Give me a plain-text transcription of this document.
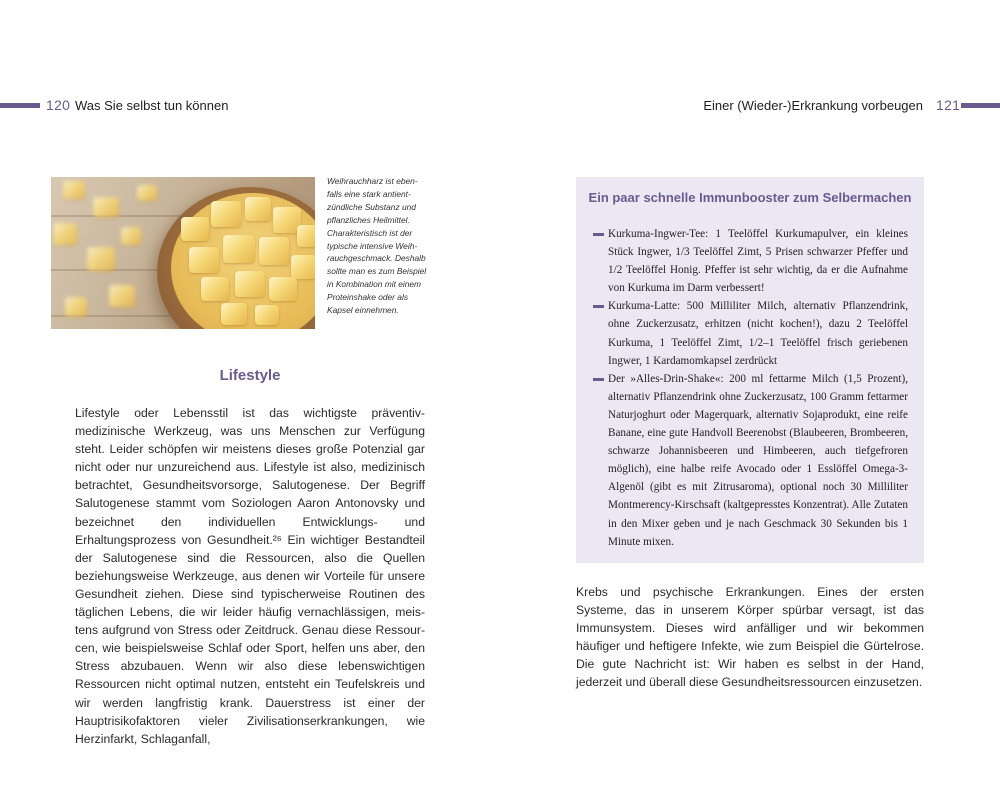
120 Was Sie selbst tun können	Einer (Wieder-)Erkrankung vorbeugen 121
Weihrauchharz ist ebenfalls eine stark antientzündliche Substanz und pflanzliches Heilmittel. Charakteristisch ist der typische intensive Weihrauchgeschmack. Deshalb sollte man es zum Beispiel in Kombination mit einem Proteinshake oder als Kapsel einnehmen.
Lifestyle

Lifestyle oder Lebensstil ist das wichtigste präventiv-medizinische Werkzeug, was uns Menschen zur Verfügung steht. Leider schöpfen wir meistens dieses große Potenzial gar nicht oder nur unzureichend aus. Lifestyle ist also, medizinisch betrachtet, Gesundheitsvorsorge, Salutogenese. Der Begriff Salutogenese stammt vom Soziologen Aaron Antonovsky und bezeichnet den individuellen Entwicklungs- und Erhaltungsprozess von Gesundheit.²⁶ Ein wichtiger Bestandteil der Salutogenese sind die Ressourcen, also die Quellen beziehungsweise Werkzeuge, aus denen wir Vorteile für unsere Gesundheit ziehen. Diese sind typischerweise Routinen des täglichen Lebens, die wir leider häufig vernachlässigen, meistens aufgrund von Stress oder Zeitdruck. Genau diese Ressourcen, wie beispielsweise Schlaf oder Sport, helfen uns aber, den Stress abzubauen. Wenn wir also diese lebenswichtigen Ressourcen nicht optimal nutzen, entsteht ein Teufelskreis und wir werden langfristig krank. Dauerstress ist einer der Hauptrisikofaktoren vieler Zivilisationserkrankungen, wie Herzinfarkt, Schlaganfall,

Ein paar schnelle Immunbooster zum Selbermachen
Kurkuma-Ingwer-Tee: 1 Teelöffel Kurkumapulver, ein kleines Stück Ingwer, 1/3 Teelöffel Zimt, 5 Prisen schwarzer Pfeffer und 1/2 Teelöffel Honig. Pfeffer ist sehr wichtig, da er die Aufnahme von Kurkuma im Darm verbessert!
Kurkuma-Latte: 500 Milliliter Milch, alternativ Pflanzendrink, ohne Zuckerzusatz, erhitzen (nicht kochen!), dazu 2 Teelöffel Kurkuma, 1 Teelöffel Zimt, 1/2–1 Teelöffel frisch geriebenen Ingwer, 1 Kardamomkapsel zerdrückt
Der »Alles-Drin-Shake«: 200 ml fettarme Milch (1,5 Prozent), alternativ Pflanzendrink ohne Zuckerzusatz, 100 Gramm fettarmer Naturjoghurt oder Magerquark, alternativ Sojaprodukt, eine reife Banane, eine gute Handvoll Beerenobst (Blaubeeren, Brombeeren, schwarze Johannisbeeren und Himbeeren, auch tiefgefroren möglich), eine halbe reife Avocado oder 1 Esslöffel Omega-3-Algenöl (gibt es mit Zitrusaroma), optional noch 30 Milliliter Montmerency-Kirschsaft (kaltgepresstes Konzentrat). Alle Zutaten in den Mixer geben und je nach Geschmack 30 Sekunden bis 1 Minute mixen.

Krebs und psychische Erkrankungen. Eines der ersten Systeme, das in unserem Körper spürbar versagt, ist das Immunsystem. Dieses wird anfälliger und wir bekommen häufiger und heftigere Infekte, wie zum Beispiel die Gürtelrose. Die gute Nachricht ist: Wir haben es selbst in der Hand, jederzeit und überall diese Gesundheitsressourcen einzusetzen.
